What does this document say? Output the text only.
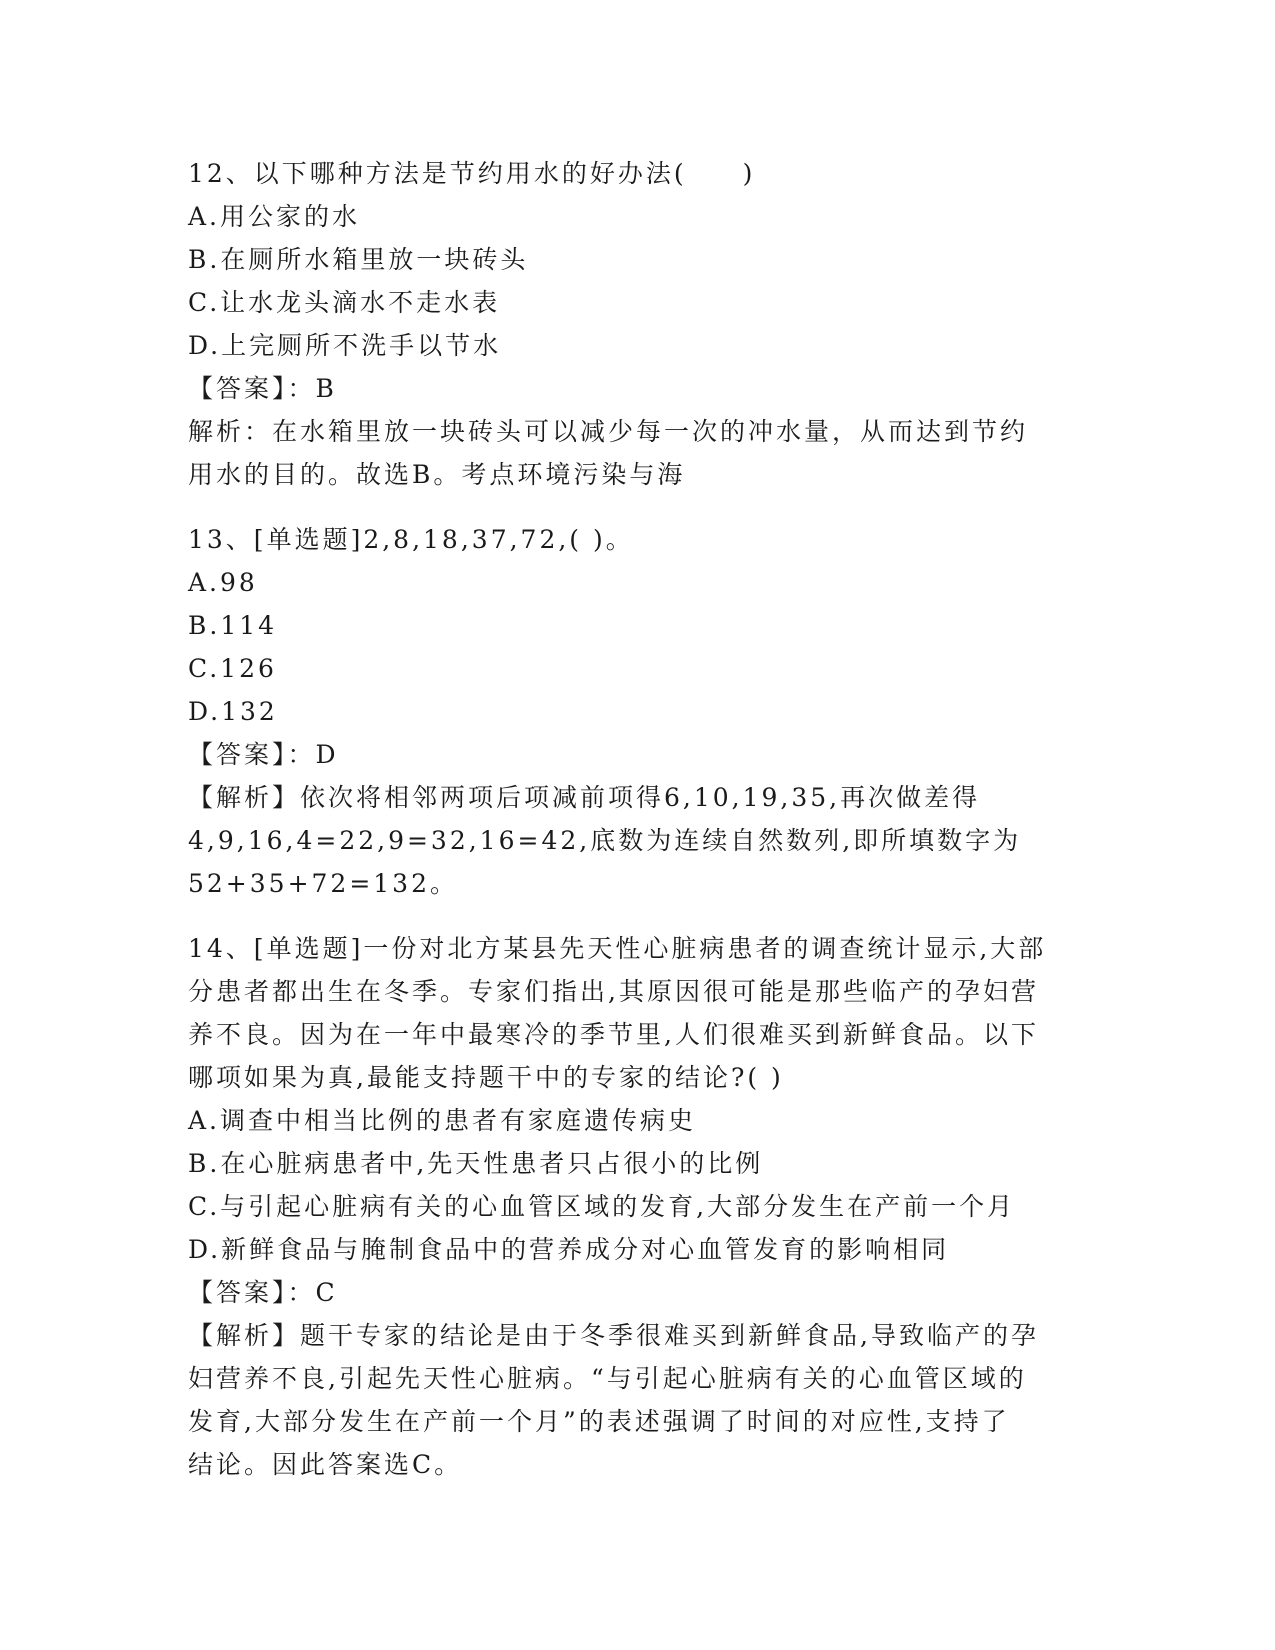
12、以下哪种方法是节约用水的好办法(　　)
A.用公家的水
B.在厕所水箱里放一块砖头
C.让水龙头滴水不走水表
D.上完厕所不洗手以节水
【答案】：B
解析：在水箱里放一块砖头可以减少每一次的冲水量，从而达到节约
用水的目的。故选B。考点环境污染与海
13、[单选题]2,8,18,37,72,( )。
A.98
B.114
C.126
D.132
【答案】：D
【解析】依次将相邻两项后项减前项得6,10,19,35,再次做差得
4,9,16,4=22,9=32,16=42,底数为连续自然数列,即所填数字为
52+35+72=132。
14、[单选题]一份对北方某县先天性心脏病患者的调查统计显示,大部
分患者都出生在冬季。专家们指出,其原因很可能是那些临产的孕妇营
养不良。因为在一年中最寒冷的季节里,人们很难买到新鲜食品。以下
哪项如果为真,最能支持题干中的专家的结论?( )
A.调查中相当比例的患者有家庭遗传病史
B.在心脏病患者中,先天性患者只占很小的比例
C.与引起心脏病有关的心血管区域的发育,大部分发生在产前一个月
D.新鲜食品与腌制食品中的营养成分对心血管发育的影响相同
【答案】：C
【解析】题干专家的结论是由于冬季很难买到新鲜食品,导致临产的孕
妇营养不良,引起先天性心脏病。“与引起心脏病有关的心血管区域的
发育,大部分发生在产前一个月”的表述强调了时间的对应性,支持了
结论。因此答案选C。
